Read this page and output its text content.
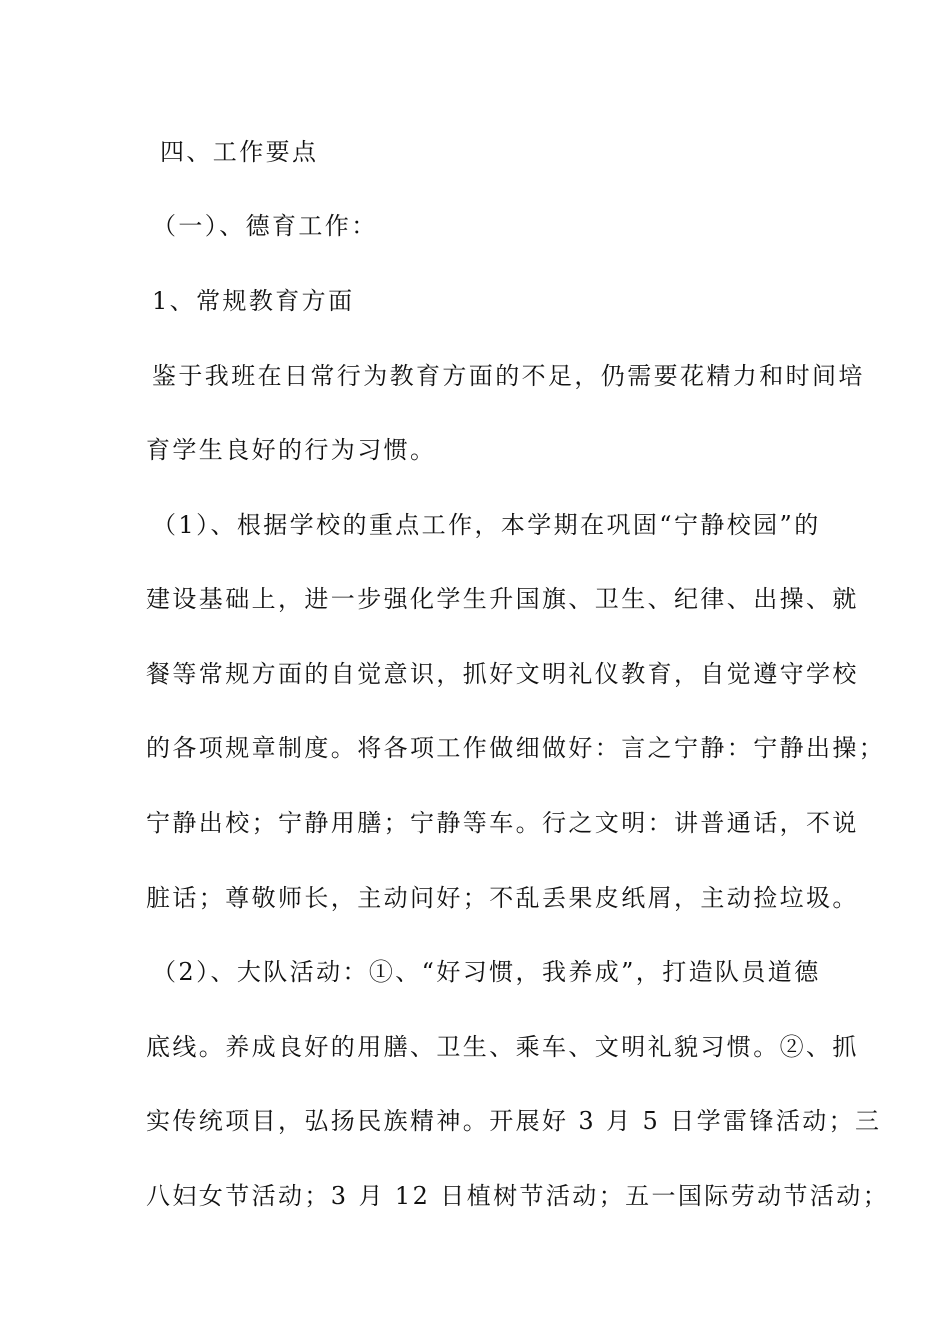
四、工作要点
（一）、德育工作：
1、常规教育方面
鉴于我班在日常行为教育方面的不足，仍需要花精力和时间培
育学生良好的行为习惯。
（1）、根据学校的重点工作，本学期在巩固“宁静校园”的
建设基础上，进一步强化学生升国旗、卫生、纪律、出操、就
餐等常规方面的自觉意识，抓好文明礼仪教育，自觉遵守学校
的各项规章制度。将各项工作做细做好：言之宁静：宁静出操；
宁静出校；宁静用膳；宁静等车。行之文明：讲普通话，不说
脏话；尊敬师长，主动问好；不乱丢果皮纸屑，主动捡垃圾。
（2）、大队活动：①、“好习惯，我养成”，打造队员道德
底线。养成良好的用膳、卫生、乘车、文明礼貌习惯。②、抓
实传统项目，弘扬民族精神。开展好 3 月 5 日学雷锋活动；三
八妇女节活动；3 月 12 日植树节活动；五一国际劳动节活动；
